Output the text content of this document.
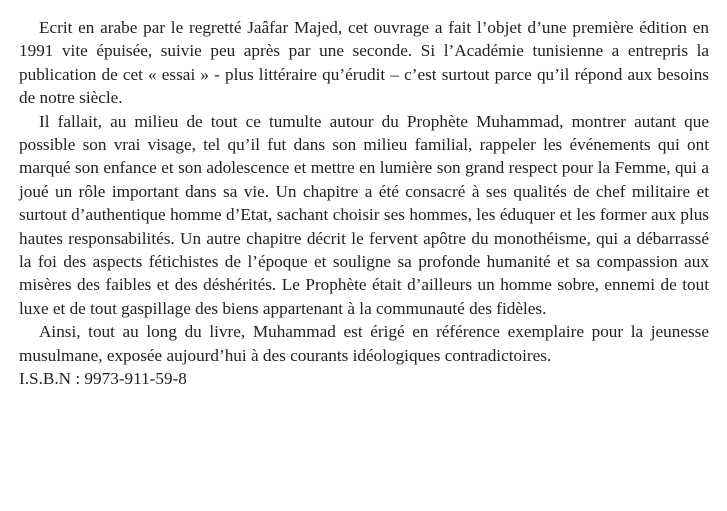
Ecrit en arabe par le regretté Jaâfar Majed, cet ouvrage a fait l’objet d’une première édition en 1991 vite épuisée, suivie peu après par une seconde. Si l’Académie tunisienne a entrepris la publication de cet « essai » - plus littéraire qu’érudit – c’est surtout parce qu’il répond aux besoins de notre siècle.

Il fallait, au milieu de tout ce tumulte autour du Prophète Muhammad, montrer autant que possible son vrai visage, tel qu’il fut dans son milieu familial, rappeler les événements qui ont marqué son enfance et son adolescence et mettre en lumière son grand respect pour la Femme, qui a joué un rôle important dans sa vie. Un chapitre a été consacré à ses qualités de chef militaire et surtout d’authentique homme d’Etat, sachant choisir ses hommes, les éduquer et les former aux plus hautes responsabilités. Un autre chapitre décrit le fervent apôtre du monothéisme, qui a débarrassé la foi des aspects fétichistes de l’époque et souligne sa profonde humanité et sa compassion aux misères des faibles et des déshérités. Le Prophète était d’ailleurs un homme sobre, ennemi de tout luxe et de tout gaspillage des biens appartenant à la communauté des fidèles.

Ainsi, tout au long du livre, Muhammad est érigé en référence exemplaire pour la jeunesse musulmane, exposée aujourd’hui à des courants idéologiques contradictoires.

I.S.B.N : 9973-911-59-8
